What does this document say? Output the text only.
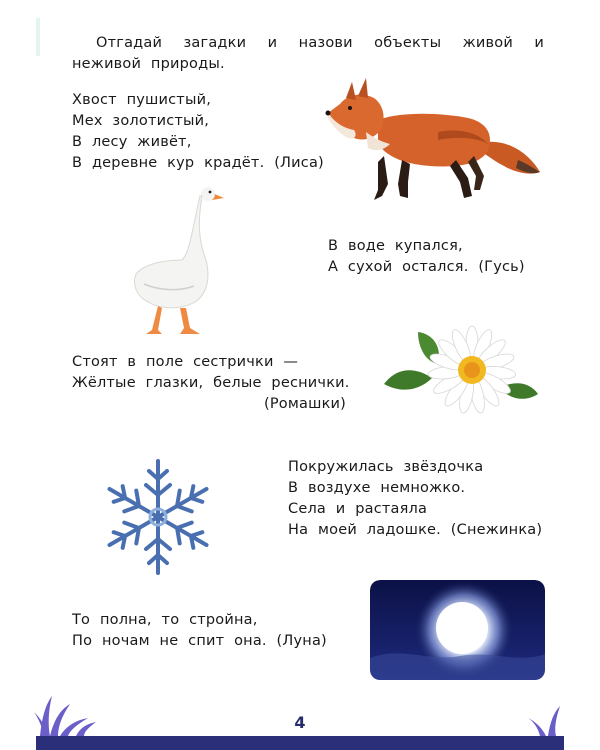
Отгадай загадки и назови объекты живой и неживой природы.
Хвост пушистый,
Мех золотистый,
В лесу живёт,
В деревне кур крадёт. (Лиса)
В воде купался,
А сухой остался. (Гусь)
Стоят в поле сестрички —
Жёлтые глазки, белые реснички.
(Ромашки)
Покружилась звёздочка
В воздухе немножко.
Села и растаяла
На моей ладошке. (Снежинка)
То полна, то стройна,
По ночам не спит она. (Луна)
4
